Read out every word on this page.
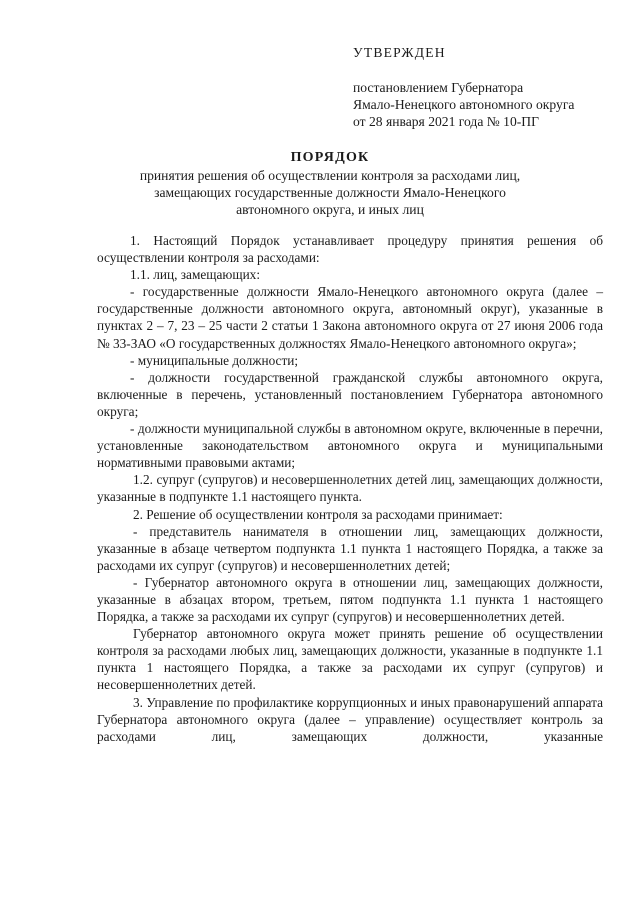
УТВЕРЖДЕН
постановлением Губернатора
Ямало-Ненецкого автономного округа
от 28 января 2021 года № 10-ПГ
ПОРЯДОК
принятия решения об осуществлении контроля за расходами лиц,
замещающих государственные должности Ямало-Ненецкого
автономного округа, и иных лиц

1. Настоящий Порядок устанавливает процедуру принятия решения об осуществлении контроля за расходами:

1.1. лиц, замещающих:

- государственные должности Ямало-Ненецкого автономного округа (далее – государственные должности автономного округа, автономный округ), указанные в пунктах 2 – 7, 23 – 25 части 2 статьи 1 Закона автономного округа от 27 июня 2006 года № 33-ЗАО «О государственных должностях Ямало-Ненецкого автономного округа»;

- муниципальные должности;

- должности государственной гражданской службы автономного округа, включенные в перечень, установленный постановлением Губернатора автономного округа;

- должности муниципальной службы в автономном округе, включенные в перечни, установленные законодательством автономного округа и муниципальными нормативными правовыми актами;

1.2. супруг (супругов) и несовершеннолетних детей лиц, замещающих должности, указанные в подпункте 1.1 настоящего пункта.

2. Решение об осуществлении контроля за расходами принимает:

- представитель нанимателя в отношении лиц, замещающих должности, указанные в абзаце четвертом подпункта 1.1 пункта 1 настоящего Порядка, а также за расходами их супруг (супругов) и несовершеннолетних детей;

- Губернатор автономного округа в отношении лиц, замещающих должности, указанные в абзацах втором, третьем, пятом подпункта 1.1 пункта 1 настоящего Порядка, а также за расходами их супруг (супругов) и несовершеннолетних детей.

Губернатор автономного округа может принять решение об осуществлении контроля за расходами любых лиц, замещающих должности, указанные в подпункте 1.1 пункта 1 настоящего Порядка, а также за расходами их супруг (супругов) и несовершеннолетних детей.

3. Управление по профилактике коррупционных и иных правонарушений аппарата Губернатора автономного округа (далее – управление) осуществляет контроль за расходами лиц, замещающих должности, указанные
